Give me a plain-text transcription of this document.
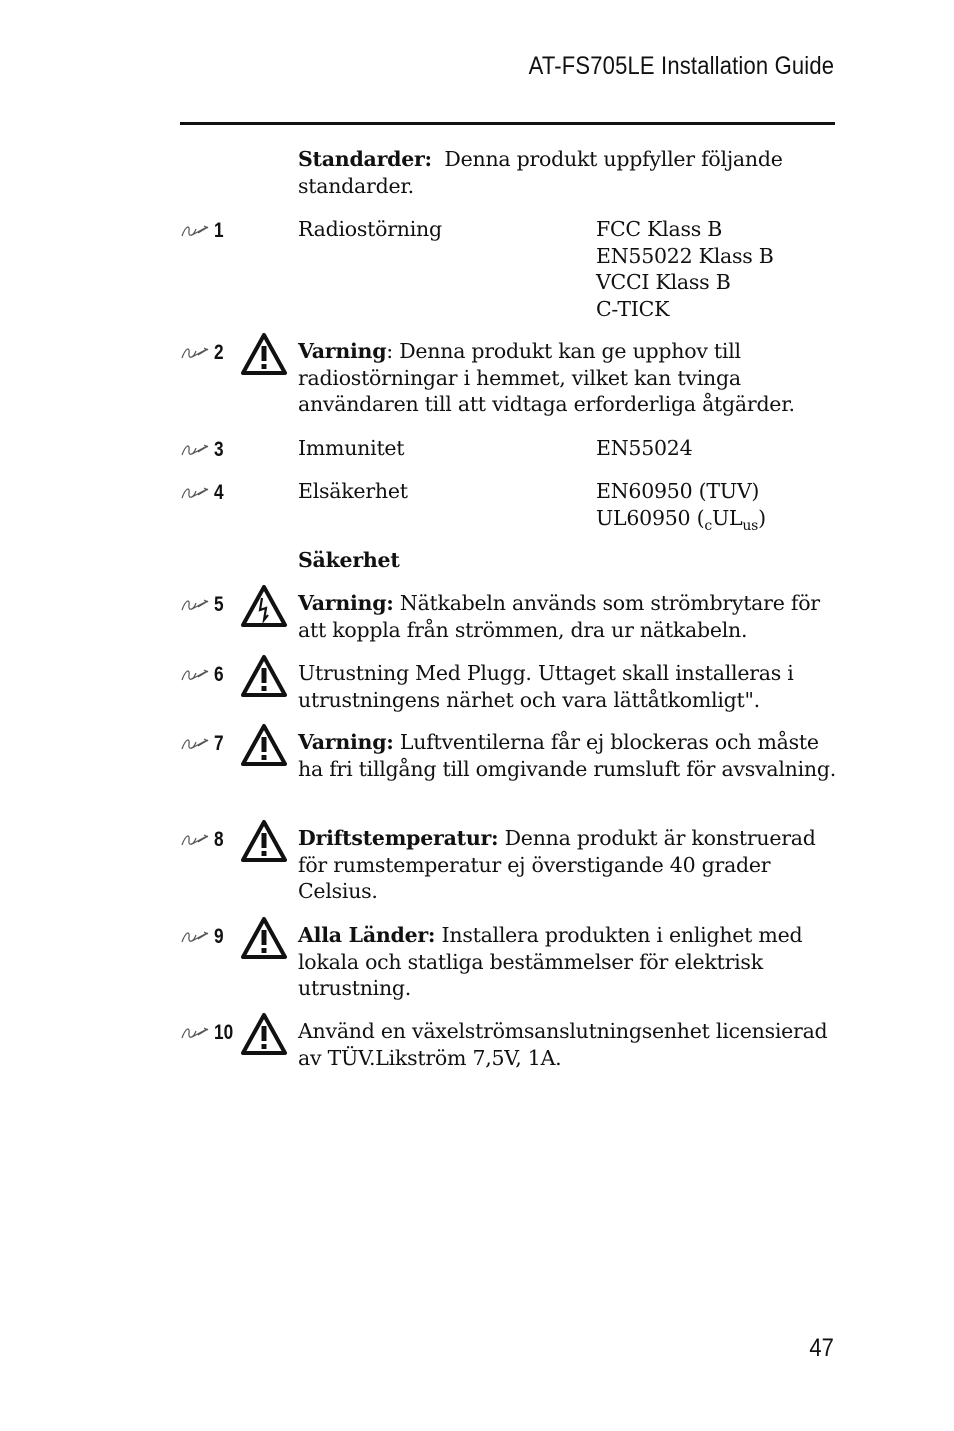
AT-FS705LE Installation Guide
Standarder: Denna produkt uppfyller följande standarder.
1	Radiostörning	FCC Klass B
EN55022 Klass B
VCCI Klass B
C-TICK
2	Varning: Denna produkt kan ge upphov till radiostörningar i hemmet, vilket kan tvinga användaren till att vidtaga erforderliga åtgärder.
3	Immunitet	EN55024
4	Elsäkerhet	EN60950 (TUV)
UL60950 $(_cUL_{us})$
Säkerhet
5	Varning: Nätkabeln används som strömbrytare för att koppla från strömmen, dra ur nätkabeln.
6	Utrustning Med Plugg. Uttaget skall installeras i utrustningens närhet och vara lättåtkomligt".
7	Varning: Luftventilerna får ej blockeras och måste ha fri tillgång till omgivande rumsluft för avsvalning.
8	Driftstemperatur: Denna produkt är konstruerad för rumstemperatur ej överstigande 40 grader Celsius.
9	Alla Länder: Installera produkten i enlighet med lokala och statliga bestämmelser för elektrisk utrustning.
10	Använd en växelströmsanslutningsenhet licensierad av TÜV.Likström 7,5V, 1A.
47
